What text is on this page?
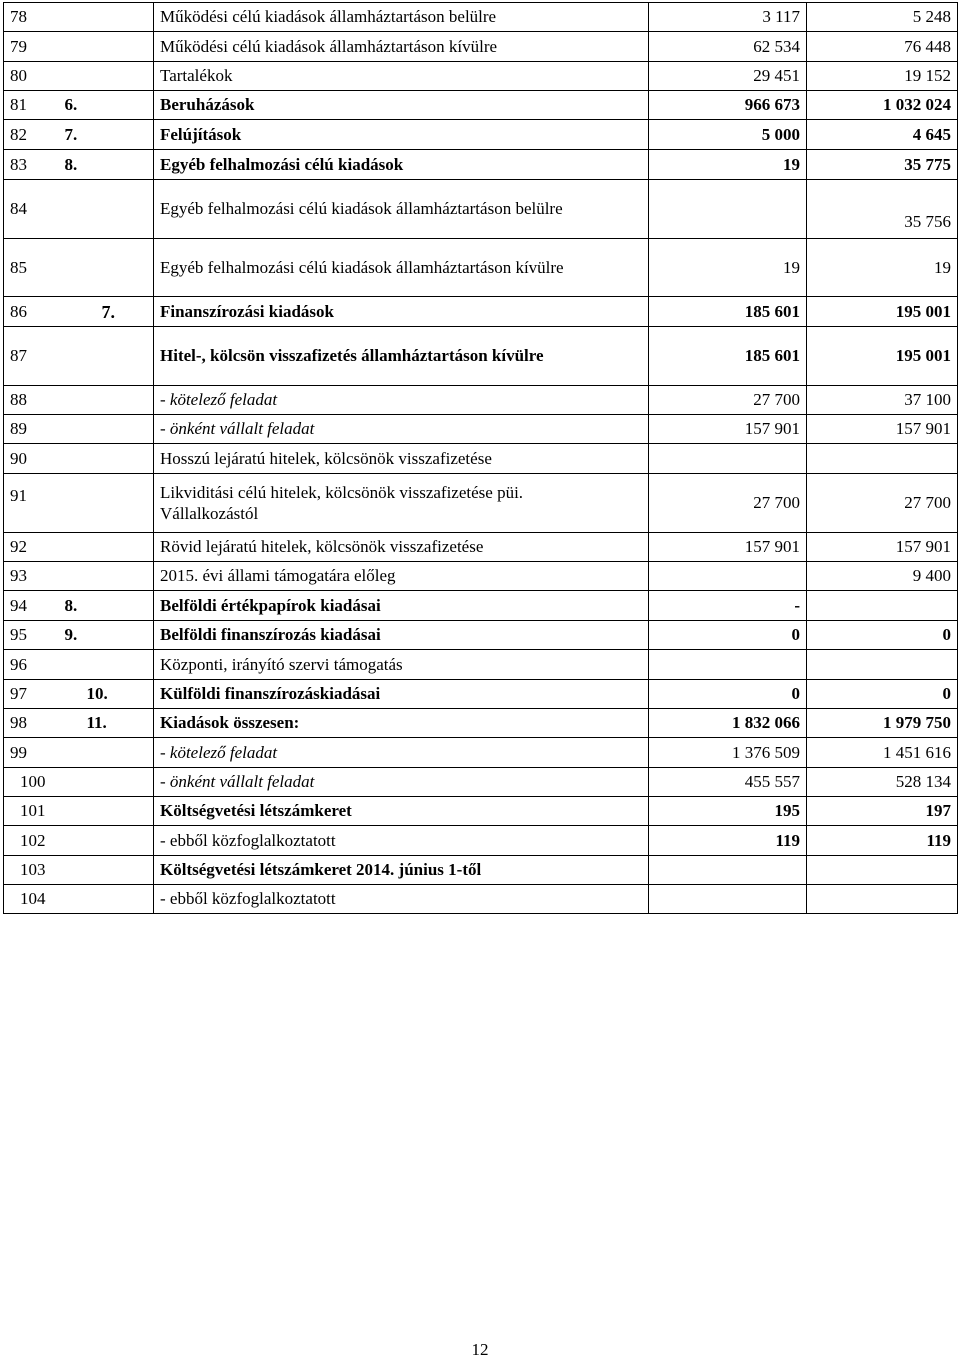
78		Működési célú kiadások államháztartáson belülre	3 117	5 248
79		Működési célú kiadások államháztartáson kívülre	62 534	76 448
80		Tartalékok	29 451	19 152
81	6.	Beruházások	966 673	1 032 024
82	7.	Felújítások	5 000	4 645
83	8.	Egyéb felhalmozási célú kiadások	19	35 775
84		Egyéb felhalmozási célú kiadások államháztartáson belülre		35 756
85		Egyéb felhalmozási célú kiadások államháztartáson kívülre	19	19
86	7.	Finanszírozási kiadások	185 601	195 001
87		Hitel-, kölcsön visszafizetés államháztartáson kívülre	185 601	195 001
88		- kötelező feladat	27 700	37 100
89		- önként vállalt feladat	157 901	157 901
90		Hosszú lejáratú hitelek, kölcsönök visszafizetése		
91		Likviditási célú hitelek, kölcsönök visszafizetése püi. Vállalkozástól	27 700	27 700
92		Rövid lejáratú hitelek, kölcsönök visszafizetése	157 901	157 901
93		2015. évi állami támogatára előleg		9 400
94	8.	Belföldi értékpapírok kiadásai	-	
95	9.	Belföldi finanszírozás kiadásai	0	0
96		Központi, irányító szervi támogatás		
97	10.	Külföldi finanszírozáskiadásai	0	0
98	11.	Kiadások összesen:	1 832 066	1 979 750
99		- kötelező feladat	1 376 509	1 451 616
100		- önként vállalt feladat	455 557	528 134
101		Költségvetési létszámkeret	195	197
102		- ebből közfoglalkoztatott	119	119
103		Költségvetési létszámkeret 2014. június 1-től		
104		- ebből közfoglalkoztatott		
12
